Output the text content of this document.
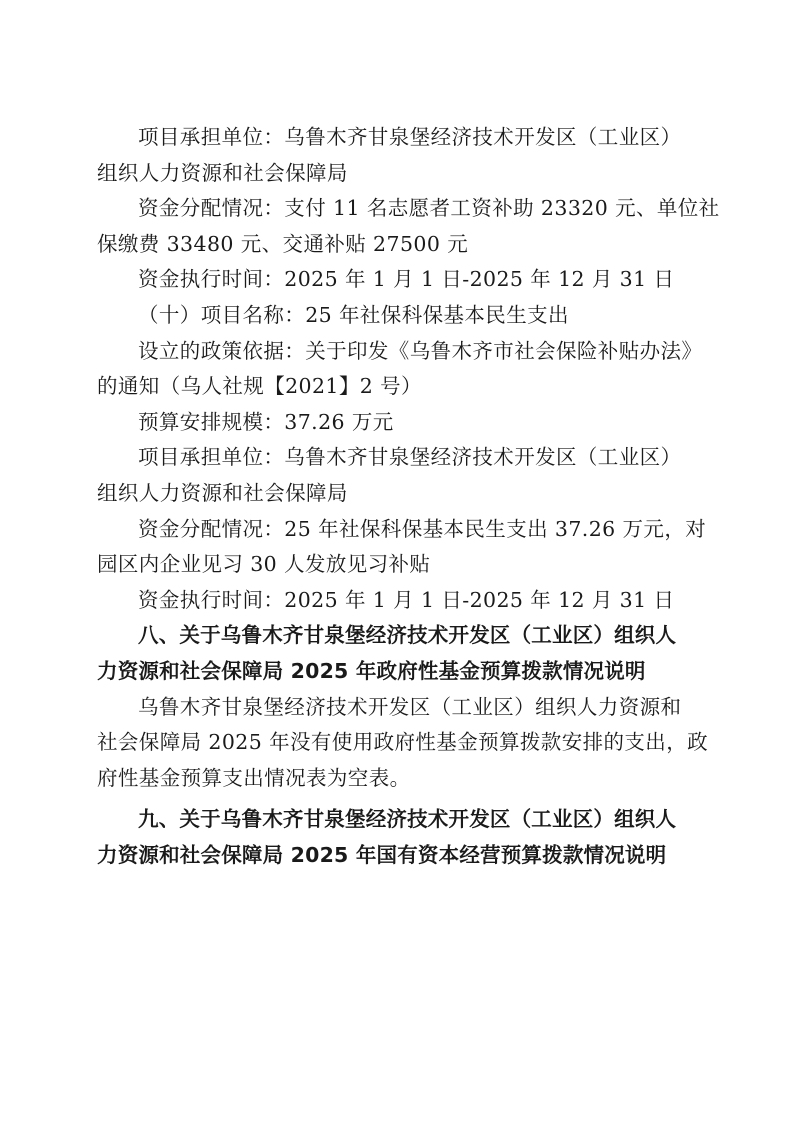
项目承担单位：乌鲁木齐甘泉堡经济技术开发区（工业区）

组织人力资源和社会保障局

资金分配情况：支付 11 名志愿者工资补助 23320 元、单位社

保缴费 33480 元、交通补贴 27500 元

资金执行时间：2025 年 1 月 1 日-2025 年 12 月 31 日

（十）项目名称：25 年社保科保基本民生支出

设立的政策依据：关于印发《乌鲁木齐市社会保险补贴办法》

的通知（乌人社规【2021】2 号）

预算安排规模：37.26 万元

项目承担单位：乌鲁木齐甘泉堡经济技术开发区（工业区）

组织人力资源和社会保障局

资金分配情况：25 年社保科保基本民生支出 37.26 万元，对

园区内企业见习 30 人发放见习补贴

资金执行时间：2025 年 1 月 1 日-2025 年 12 月 31 日

八、关于乌鲁木齐甘泉堡经济技术开发区（工业区）组织人

力资源和社会保障局 2025 年政府性基金预算拨款情况说明

乌鲁木齐甘泉堡经济技术开发区（工业区）组织人力资源和

社会保障局 2025 年没有使用政府性基金预算拨款安排的支出，政

府性基金预算支出情况表为空表。

九、关于乌鲁木齐甘泉堡经济技术开发区（工业区）组织人

力资源和社会保障局 2025 年国有资本经营预算拨款情况说明
